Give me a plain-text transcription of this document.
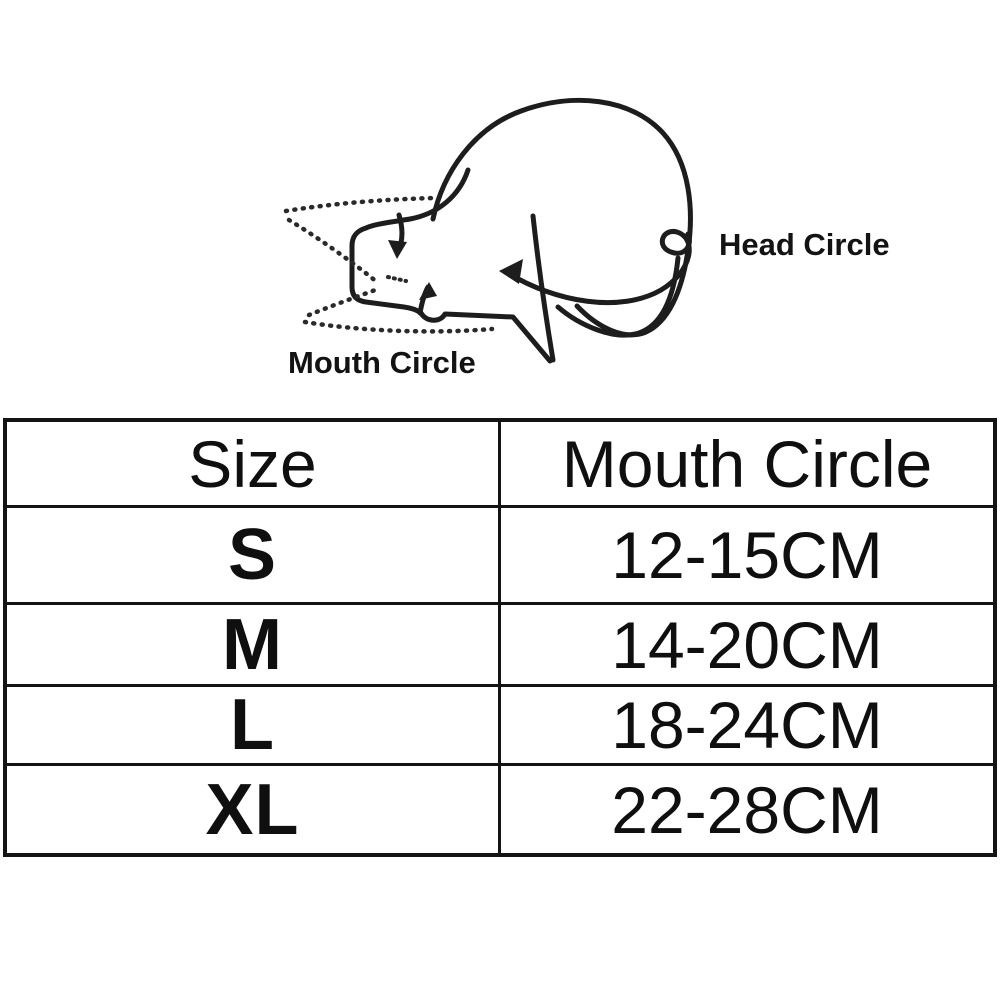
Head Circle
Mouth Circle
Size	Mouth Circle
S	12-15CM
M	14-20CM
L	18-24CM
XL	22-28CM
